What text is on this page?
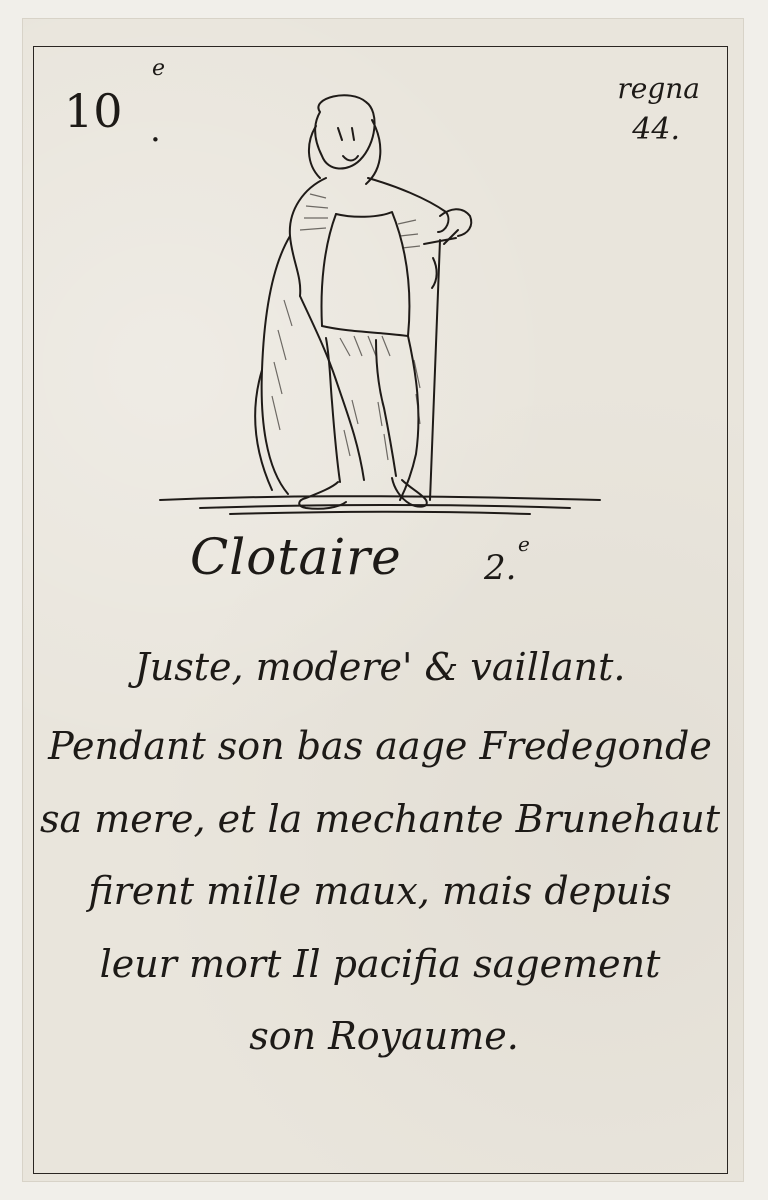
10
e
.
regna
44.
Clotaire 2.
e
Juste, modere' & vaillant.
Pendant son bas aage Fredegonde
sa mere, et la mechante Brunehaut
firent mille maux, mais depuis
leur mort Il pacifia sagement
son Royaume.
